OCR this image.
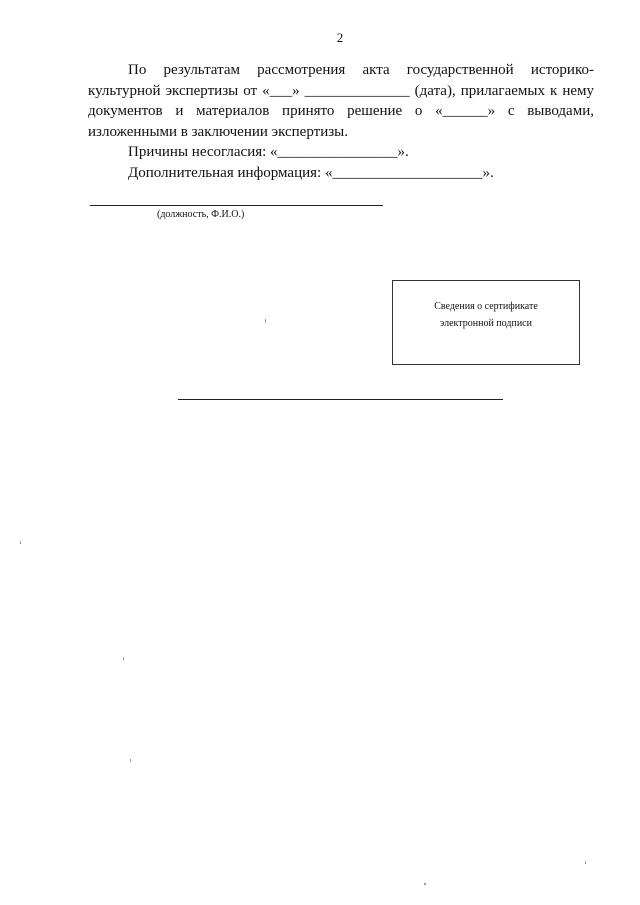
2

По результатам рассмотрения акта государственной историко-культурной экспертизы от «___» ______________ (дата), прилагаемых к нему документов и материалов принято решение о «______» с выводами, изложенными в заключении экспертизы.

Причины несогласия: «________________».

Дополнительная информация: «____________________».

(должность, Ф.И.О.)
Сведения о сертификате
электронной подписи
